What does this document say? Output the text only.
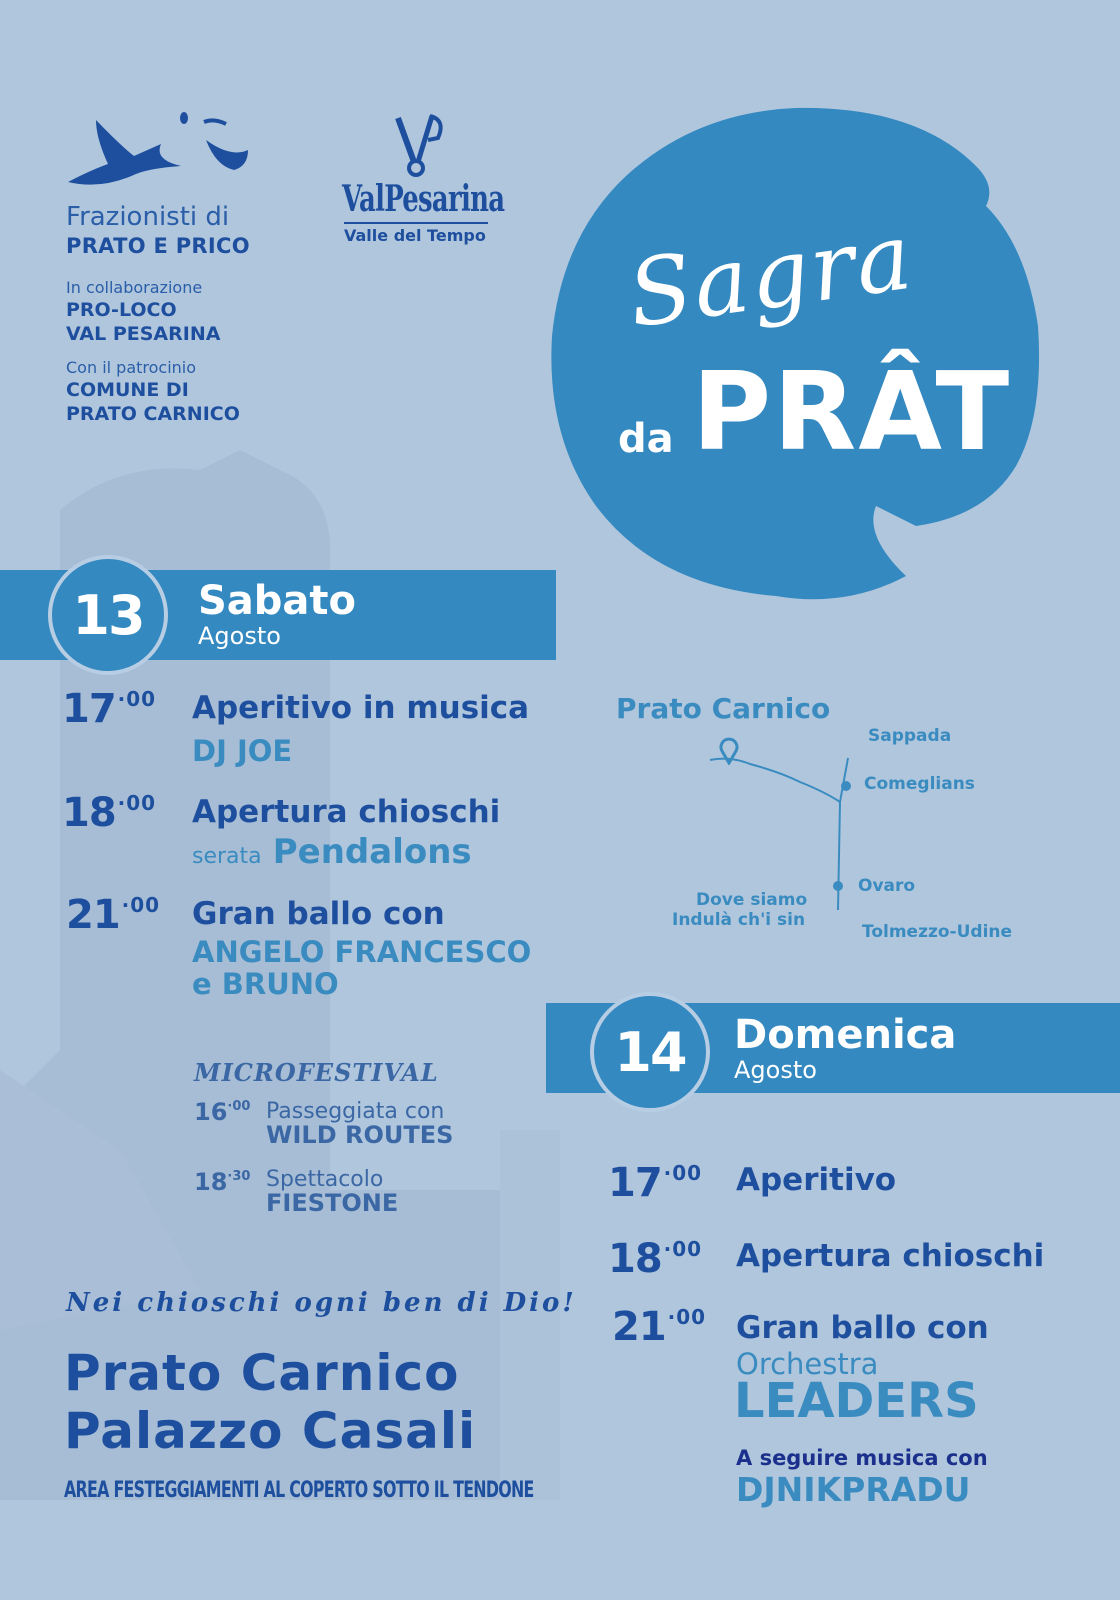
Frazionisti di
PRATO E PRICO
In collaborazione
PRO-LOCO
VAL PESARINA
Con il patrocinio
COMUNE DI
PRATO CARNICO
ValPesarina
Valle del Tempo Sagra
da PRÂT
13	Sabato
Agosto
17 $^{\cdot 00}$ Aperitivo in musica
DJ JOE
18 $^{\cdot 00}$ Apertura chioschi
serata Pendalons
21 $^{\cdot 00}$ Gran ballo con
ANGELO FRANCESCO
e BRUNO
MICROFESTIVAL
$16^{\cdot 00}$ Passeggiata con
WILD ROUTES
$18^{\cdot 30}$ Spettacolo
FIESTONE
Nei chioschi ogni ben di Dio!
Prato Carnico
Palazzo Casali
AREA FESTEGGIAMENTI AL COPERTO SOTTO IL TENDONE
Prato Carnico
Sappada
Comeglians
Ovaro
Dove siamo
Indulà ch'i sin
Tolmezzo-Udine
14	Domenica
Agosto
17 $^{\cdot 00}$ Aperitivo
18 $^{\cdot 00}$ Apertura chioschi
21 $^{\cdot 00}$ Gran ballo con
Orchestra
LEADERS
A seguire musica con
DJNIKPRADU
